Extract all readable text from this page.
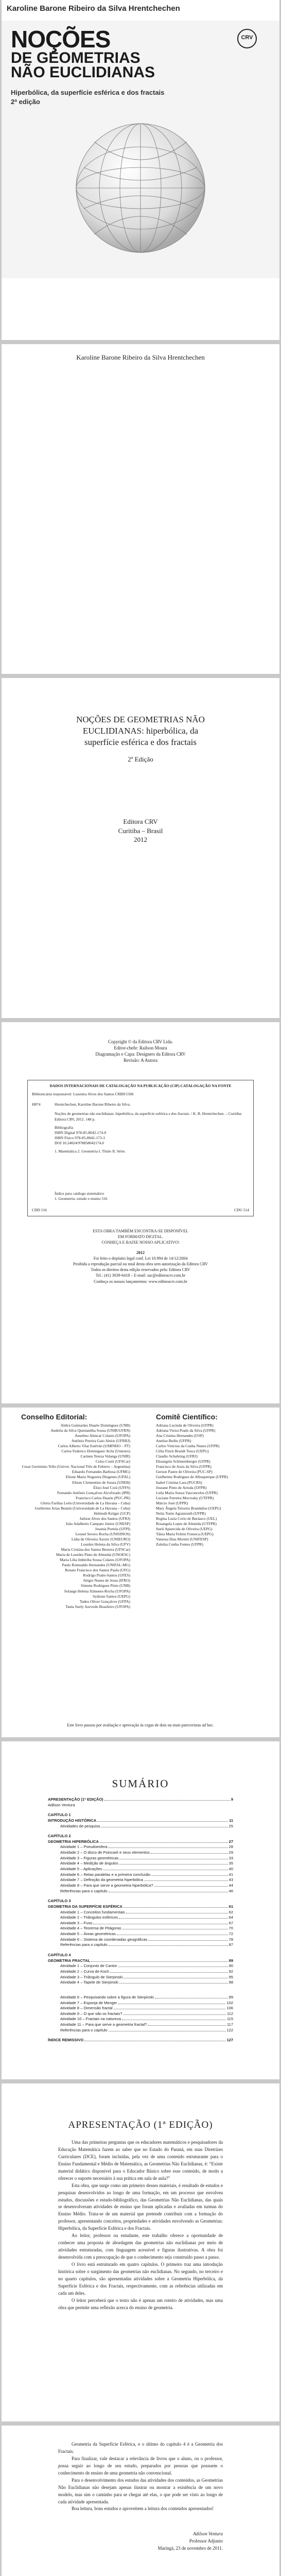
Karoline Barone Ribeiro da Silva Hrentchechen
NOÇÕES
DE GEOMETRIAS
NÃO EUCLIDIANAS
Hiperbólica, da superfície esférica e dos fractais
2ª edição
CRV
Karoline Barone Ribeiro da Silva Hrentchechen
NOÇÕES DE GEOMETRIAS NÃO
EUCLIDIANAS: hiperbólica, da
superfície esférica e dos fractais
2ª Edição
Editora CRV
Curitiba – Brasil
2012
Copyright © da Editora CRV Ltda.
Editor-chefe: Railson Moura
Diagramação e Capa: Designers da Editora CRV
Revisão: A Autora
DADOS INTERNACIONAIS DE CATALOGAÇÃO NA PUBLICAÇÃO (CIP) CATALOGAÇÃO NA FONTE
Bibliotecária responsável: Luzenira Alves dos Santos CRB9/1506
H874	Hrentchechen, Karoline Barone Ribeiro da Silva.
Noções de geometrias não euclidianas: hiperbólica, da superfície esférica e dos fractais. / K. B. Hrentchechen. – Curitiba: Editora CRV, 2012. 148 p.
Bibliografia
ISBN Digital 978-85-8042-174-0
ISBN Físico 978-85-8042-173-3
DOI 10.24824/978858042174.0
1. Matemática 2. Geometria I. Título II. Série.
Índice para catálogo sistemático
1. Geometria: estudo e ensino 516
CDD 516	CDU 514
ESTA OBRA TAMBÉM ENCONTRA-SE DISPONÍVEL
EM FORMATO DIGITAL.
CONHEÇA E BAIXE NOSSO APLICATIVO!
2012
Foi feito o depósito legal conf. Lei 10.994 de 14/12/2004
Proibida a reprodução parcial ou total desta obra sem autorização da Editora CRV
Todos os direitos desta edição reservados pela: Editora CRV
Tel.: (41) 3039-6418 – E-mail: sac@editoracrv.com.br
Conheça os nossos lançamentos: www.editoracrv.com.br
Conselho Editorial:	Comitê Científico:
Aldira Guimarães Duarte Domínguez (UNB)
Andréia da Silva Quintanilha Sousa (UNIR/UFRN)
Anselmo Alencar Colares (UFOPA)
Antônio Pereira Gaio Júnior (UFRRJ)
Carlos Alberto Vilar Estêvão (UMINHO – PT)
Carlos Federico Dominguez Avila (Unieuro)
Carmen Tereza Velanga (UNIR)
Celso Conti (UFSCar)
Cesar Gerónimo Tello (Univer. Nacional Três de Febrero – Argentina)
Eduardo Fernandes Barbosa (UFMG)
Elione Maria Nogueira Diogenes (UFAL)
Elizeu Clementino de Souza (UNEB)
Élsio José Corá (UFFS)
Fernando Antônio Gonçalves Alcoforado (IPB)
Francisco Carlos Duarte (PUC-PR)
Gloria Fariñas León (Universidade de La Havana – Cuba)
Guillermo Arias Beatón (Universidade de La Havana – Cuba)
Helmuth Krüger (UCP)
Jailson Alves dos Santos (UFRJ)
João Adalberto Campato Junior (UNESP)
Josania Portela (UFPI)
Leonel Severo Rocha (UNISINOS)
Lídia de Oliveira Xavier (UNIEURO)
Lourdes Helena da Silva (UFV)
Maria Cristina dos Santos Bezerra (UFSCar)
Maria de Lourdes Pinto de Almeida (UNOESC)
Maria Lília Imbiriba Sousa Colares (UFOPA)
Paulo Romualdo Hernandes (UNIFAL-MG)
Renato Francisco dos Santos Paula (UFG)
Rodrigo Pratte-Santos (UFES)
Sérgio Nunes de Jesus (IFRO)
Simone Rodrigues Pinto (UNB)
Solange Helena Ximenes-Rocha (UFOPA)
Sydione Santos (UEPG)
Tadeu Oliver Gonçalves (UFPA)
Tania Suely Azevedo Brasileiro (UFOPA)
Adriana Lucinda de Oliveira (UFPR)
Adriana Vieira Prado da Silva (UFPR)
Ana Cristina Hernandes (USP)
Anelise Bedin (UFPR)
Carlos Vinícius da Cunha Nunes (UFPR)
Célia Finck Brandt Tosca (UEPG)
Claudio Schubring (UFRJ)
Elisangela Schönemberger (UFPR)
Francisco de Assis da Silva (UFPR)
Gerson Pastre de Oliveira (PUC-SP)
Guilherme Rodrigues de Albuquerque (UFPR)
Isabel Cristina Lara (PUCRS)
Joseane Pinto de Arruda (UFPR)
Leila Maria Souza Vasconcelos (UFPR)
Luciane Ferreira Mocrosky (UTFPR)
Márcio José (UFPR)
Mary Ângela Teixeira Brandalise (UEPG)
Neila Tonin Agranionih (UFPR)
Regina Luzia Corio de Buriasco (UEL)
Rosangela Lopes de Almeida (UTFPR)
Sueli Aparecida de Oliveira (UEPG)
Tânia Maria Feltrin Fonseca (UEPG)
Vanessa Dias Moretti (UNIFESP)
Zuleika Cunha Fontes (UFPR)
Este livro passou por avaliação e aprovação às cegas de dois ou mais pareceristas ad hoc.
SUMÁRIO
APRESENTAÇÃO (1ª EDIÇÃO)	9
Adilson Ventura
CAPÍTULO 1
INTRODUÇÃO HISTÓRICA	11
Atividades de pesquisa	25
CAPÍTULO 2
GEOMETRIA HIPERBÓLICA	27
Atividade 1 – Pseudoesfera	28
Atividade 2 – O disco de Poincaré e seus elementos	29
Atividade 3 – Figuras geométricas	33
Atividade 4 – Medição de ângulos	35
Atividade 5 – Aplicações	40
Atividade 6 – Retas paralelas e a primeira conclusão	41
Atividade 7 – Definição da geometria hiperbólica	43
Atividade 8 – Para que serve a geometria hiperbólica?	44
Referências para o capítulo	46
CAPÍTULO 3
GEOMETRIA DA SUPERFÍCIE ESFÉRICA	61
Atividade 1 – Conceitos fundamentais	62
Atividade 2 – Triângulos esféricos	64
Atividade 3 – Fuso	67
Atividade 4 – Teorema de Pitágoras	70
Atividade 5 – Áreas geométricas	72
Atividade 6 – Sistema de coordenadas geográficas	78
Referências para o capítulo	87
CAPÍTULO 4
GEOMETRIA FRACTAL	89
Atividade 1 – Conjunto de Cantor	90
Atividade 2 – Curva de Koch	92
Atividade 3 – Triângulo de Sierpinski	95
Atividade 4 – Tapete de Sierpinski	98
Atividade 6 – Pesquisando sobre a figura de Sierpinski	99
Atividade 7 – Esponja de Menger	102
Atividade 8 – Dimensão fractal	106
Atividade 9 – O que são os fractais?	112
Atividade 10 – Fractais na natureza	115
Atividade 11 – Para que serve a geometria fractal?	117
Referências para o capítulo	122
ÍNDICE REMISSIVO	127
APRESENTAÇÃO (1ª EDIÇÃO)

Uma das primeiras perguntas que os educadores matemáticos e pesquisadores da Educação Matemática fazem ao saber que no Estado do Paraná, em suas Diretrizes Curriculares (DCE), foram incluídas, pela vez de uma conteúdo estruturante para o Ensino Fundamental e Médio de Matemática, as Geometrias Não Euclidianas, é: “Existe material didático disponível para o Educador Básico sobre esse conteúdo, de modo a oferecer o suporte necessário à sua prática em sala de aula?”

Esta obra, que surge como um primeiro desses materiais, é resultado de estudos e pesquisas desenvolvidos ao longo de uma formação, em um processo que envolveu estudos, discussões e estudo-bibliográfico, das Geometrias Não Euclidianas, das quais se desenvolveram atividades de ensino que foram aplicadas e avaliadas em turmas do Ensino Médio. Trata-se de um material que pretende contribuir com a formação do professor, apresentando conceitos, propriedades e atividades envolvendo as Geometrias: Hiperbólica, da Superfície Esférica e dos Fractais.

Ao leitor, professor ou estudante, este trabalho oferece a oportunidade de conhecer uma proposta de abordagem das geometrias não euclidianas por meio de atividades estruturadas, com linguagem acessível e figuras ilustrativas. A obra foi desenvolvida com a preocupação de que o conhecimento seja construído passo a passo.

O livro está estruturado em quatro capítulos. O primeiro traz uma introdução histórica sobre o surgimento das geometrias não euclidianas. No segundo, no terceiro e no quarto capítulos, são apresentadas atividades sobre a Geometria Hiperbólica, da Superfície Esférica e dos Fractais, respectivamente, com as referências utilizadas em cada um deles.

O leitor perceberá que o texto não é apenas um roteiro de atividades, mas uma obra que permite uma reflexão acerca do ensino de geometria.

Geometria da Superfície Esférica, e o último do capítulo 4 é a Geometria dos Fractais.

Para finalizar, vale destacar a relevância de livros que o aluno, ou o professor, possa seguir ao longo de seu estudo, preparados por pessoas que possuem o conhecimento de ensino de uma geometria não convencional.

Para o desenvolvimento dos estudos das atividades dos conteúdos, as Geometrias Não Euclidianas não desejam apenas ilustrar ou mostrar a existência de um novo modelo, mas sim o caminho para se chegar até elas, o que pode ser visto ao longo de cada atividade apresentada.

Boa leitura, bons estudos e aproveitem a leitura dos conteúdos apresentados!

Adilson Ventura
Professor Adjunto
Maringá, 23 de novembro de 2011.
